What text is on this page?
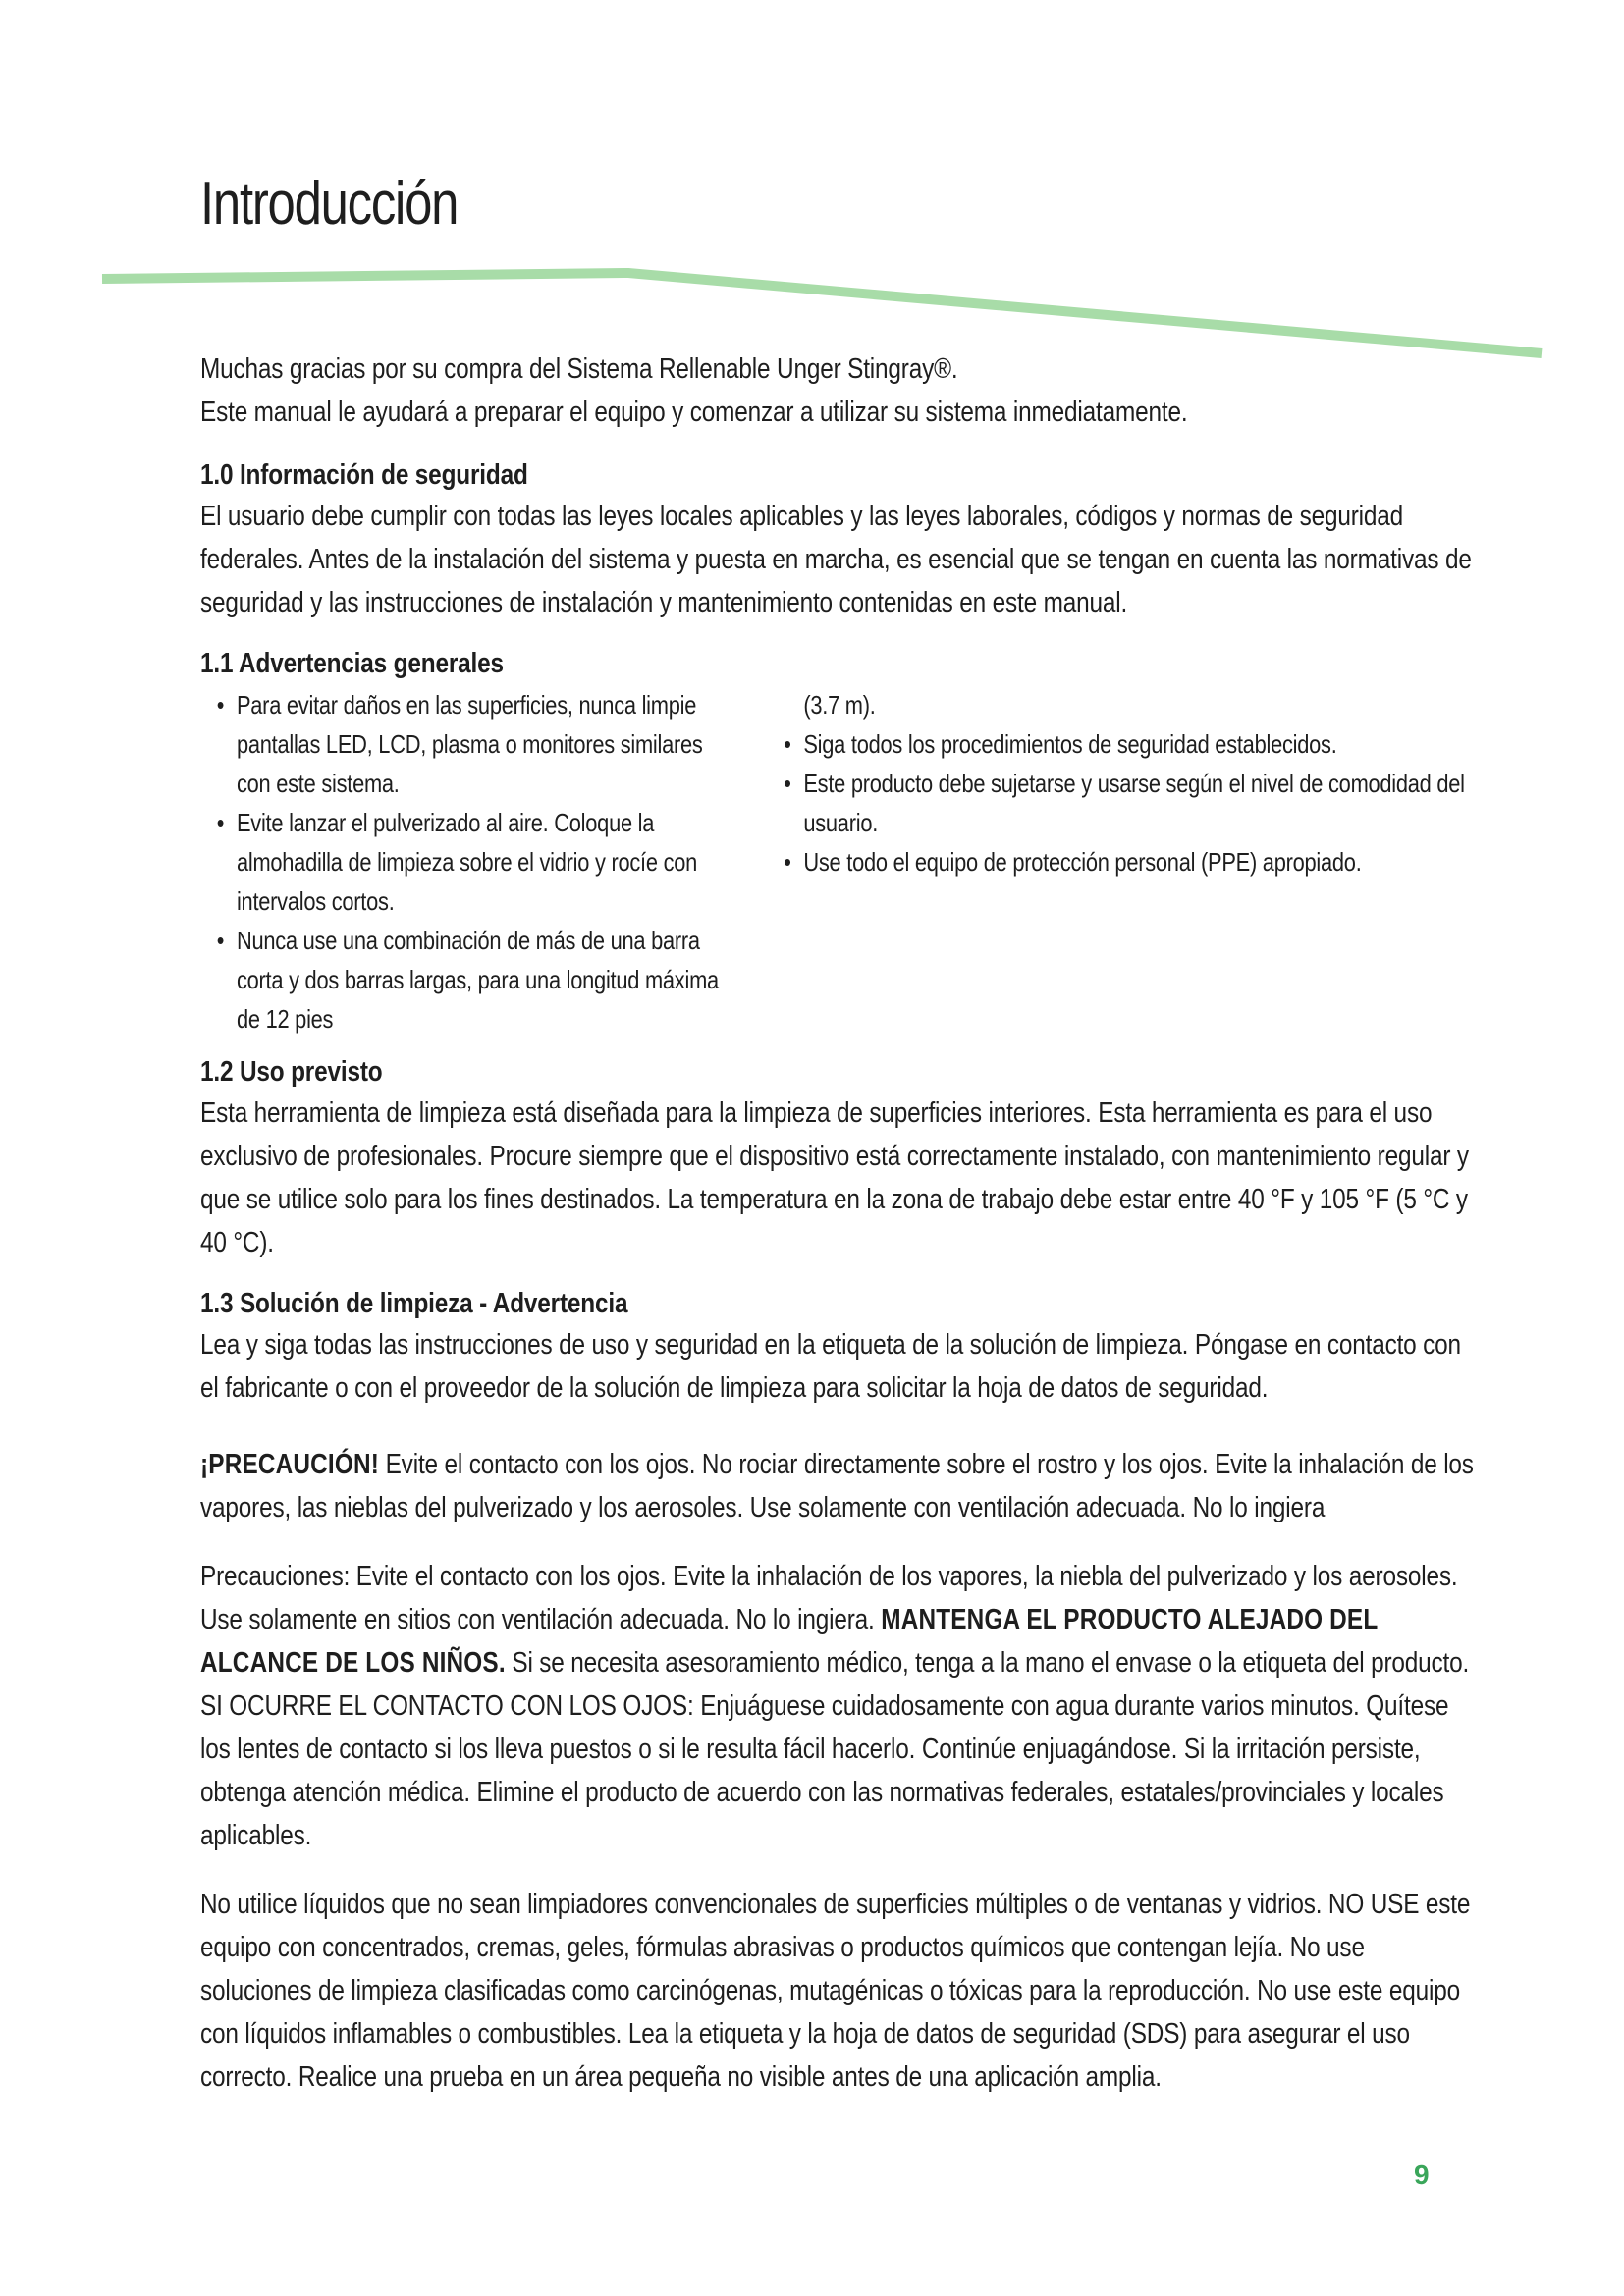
Introducción

Muchas gracias por su compra del Sistema Rellenable Unger Stingray®.

Este manual le ayudará a preparar el equipo y comenzar a utilizar su sistema inmediatamente.

1.0 Información de seguridad

El usuario debe cumplir con todas las leyes locales aplicables y las leyes laborales, códigos y normas de seguridad federales. Antes de la instalación del sistema y puesta en marcha, es esencial que se tengan en cuenta las normativas de seguridad y las instrucciones de instalación y mantenimiento contenidas en este manual.

1.1 Advertencias generales
• Para evitar daños en las superficies, nunca limpie pantallas LED, LCD, plasma o monitores similares con este sistema.
• Evite lanzar el pulverizado al aire. Coloque la almohadilla de limpieza sobre el vidrio y rocíe con intervalos cortos.
• Nunca use una combinación de más de una barra corta y dos barras largas, para una longitud máxima de 12 pies
(3.7 m).
• Siga todos los procedimientos de seguridad establecidos.
• Este producto debe sujetarse y usarse según el nivel de comodidad del usuario.
• Use todo el equipo de protección personal (PPE) apropiado.
1.2 Uso previsto

Esta herramienta de limpieza está diseñada para la limpieza de superficies interiores. Esta herramienta es para el uso exclusivo de profesionales. Procure siempre que el dispositivo está correctamente instalado, con mantenimiento regular y que se utilice solo para los fines destinados. La temperatura en la zona de trabajo debe estar entre 40 °F y 105 °F (5 °C y 40 °C).

1.3 Solución de limpieza - Advertencia

Lea y siga todas las instrucciones de uso y seguridad en la etiqueta de la solución de limpieza. Póngase en contacto con el fabricante o con el proveedor de la solución de limpieza para solicitar la hoja de datos de seguridad.

¡PRECAUCIÓN! Evite el contacto con los ojos. No rociar directamente sobre el rostro y los ojos. Evite la inhalación de los vapores, las nieblas del pulverizado y los aerosoles. Use solamente con ventilación adecuada. No lo ingiera

Precauciones: Evite el contacto con los ojos. Evite la inhalación de los vapores, la niebla del pulverizado y los aerosoles. Use solamente en sitios con ventilación adecuada. No lo ingiera. MANTENGA EL PRODUCTO ALEJADO DEL ALCANCE DE LOS NIÑOS. Si se necesita asesoramiento médico, tenga a la mano el envase o la etiqueta del producto. SI OCURRE EL CONTACTO CON LOS OJOS: Enjuáguese cuidadosamente con agua durante varios minutos. Quítese los lentes de contacto si los lleva puestos o si le resulta fácil hacerlo. Continúe enjuagándose. Si la irritación persiste, obtenga atención médica. Elimine el producto de acuerdo con las normativas federales, estatales/provinciales y locales aplicables.

No utilice líquidos que no sean limpiadores convencionales de superficies múltiples o de ventanas y vidrios. NO USE este equipo con concentrados, cremas, geles, fórmulas abrasivas o productos químicos que contengan lejía. No use soluciones de limpieza clasificadas como carcinógenas, mutagénicas o tóxicas para la reproducción. No use este equipo con líquidos inflamables o combustibles. Lea la etiqueta y la hoja de datos de seguridad (SDS) para asegurar el uso correcto. Realice una prueba en un área pequeña no visible antes de una aplicación amplia.

9
